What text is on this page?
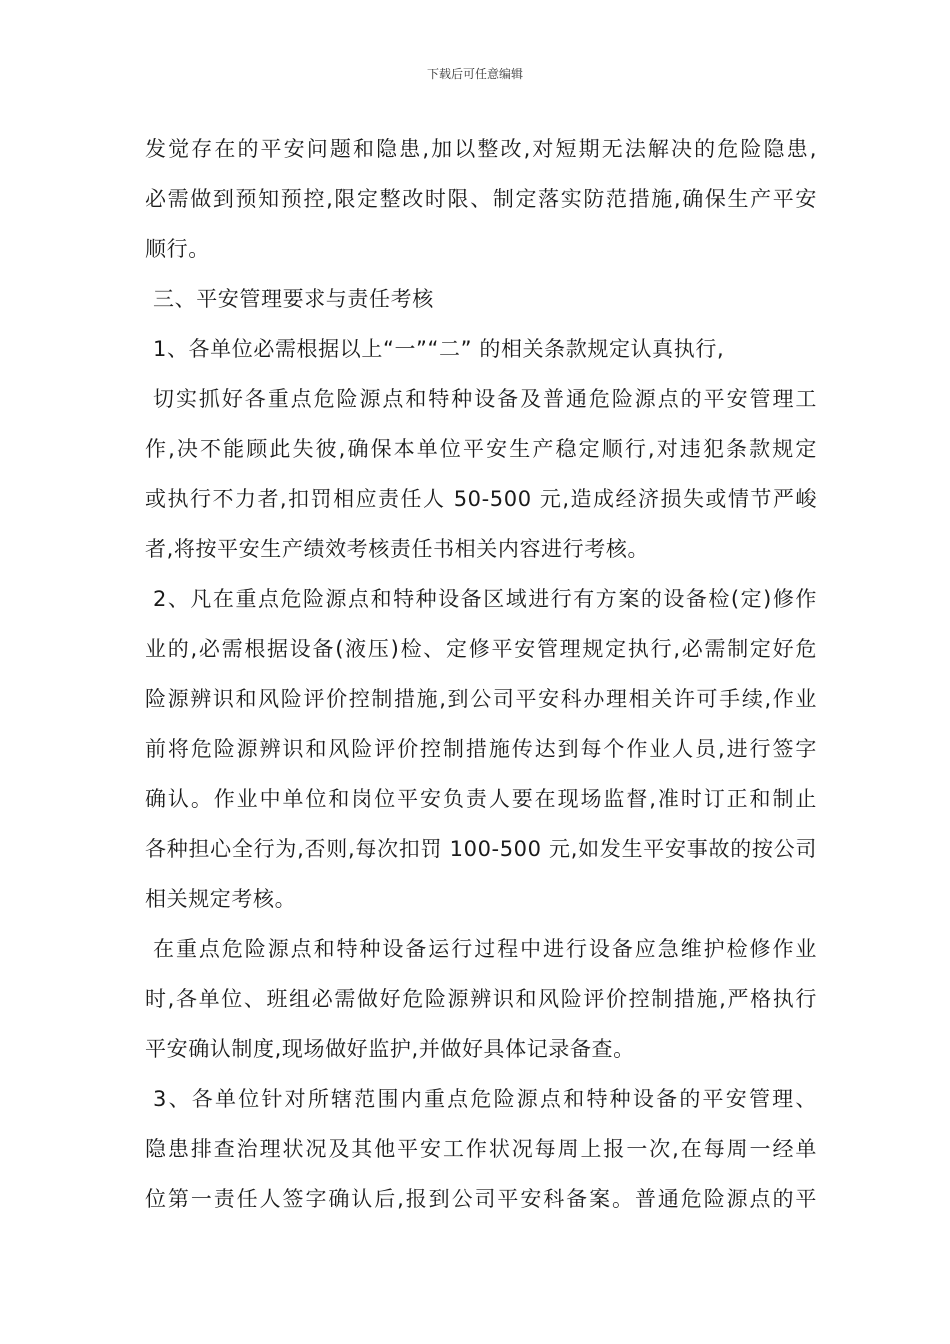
下载后可任意编辑
发觉存在的平安问题和隐患,加以整改,对短期无法解决的危险隐患,
必需做到预知预控,限定整改时限、制定落实防范措施,确保生产平安
顺行。
三、平安管理要求与责任考核
1、各单位必需根据以上“一”“二” 的相关条款规定认真执行,
切实抓好各重点危险源点和特种设备及普通危险源点的平安管理工
作,决不能顾此失彼,确保本单位平安生产稳定顺行,对违犯条款规定
或执行不力者,扣罚相应责任人 50-500 元,造成经济损失或情节严峻
者,将按平安生产绩效考核责任书相关内容进行考核。
2、凡在重点危险源点和特种设备区域进行有方案的设备检(定)修作
业的,必需根据设备(液压)检、定修平安管理规定执行,必需制定好危
险源辨识和风险评价控制措施,到公司平安科办理相关许可手续,作业
前将危险源辨识和风险评价控制措施传达到每个作业人员,进行签字
确认。作业中单位和岗位平安负责人要在现场监督,准时订正和制止
各种担心全行为,否则,每次扣罚 100-500 元,如发生平安事故的按公司
相关规定考核。
在重点危险源点和特种设备运行过程中进行设备应急维护检修作业
时,各单位、班组必需做好危险源辨识和风险评价控制措施,严格执行
平安确认制度,现场做好监护,并做好具体记录备查。
3、各单位针对所辖范围内重点危险源点和特种设备的平安管理、
隐患排查治理状况及其他平安工作状况每周上报一次,在每周一经单
位第一责任人签字确认后,报到公司平安科备案。普通危险源点的平
